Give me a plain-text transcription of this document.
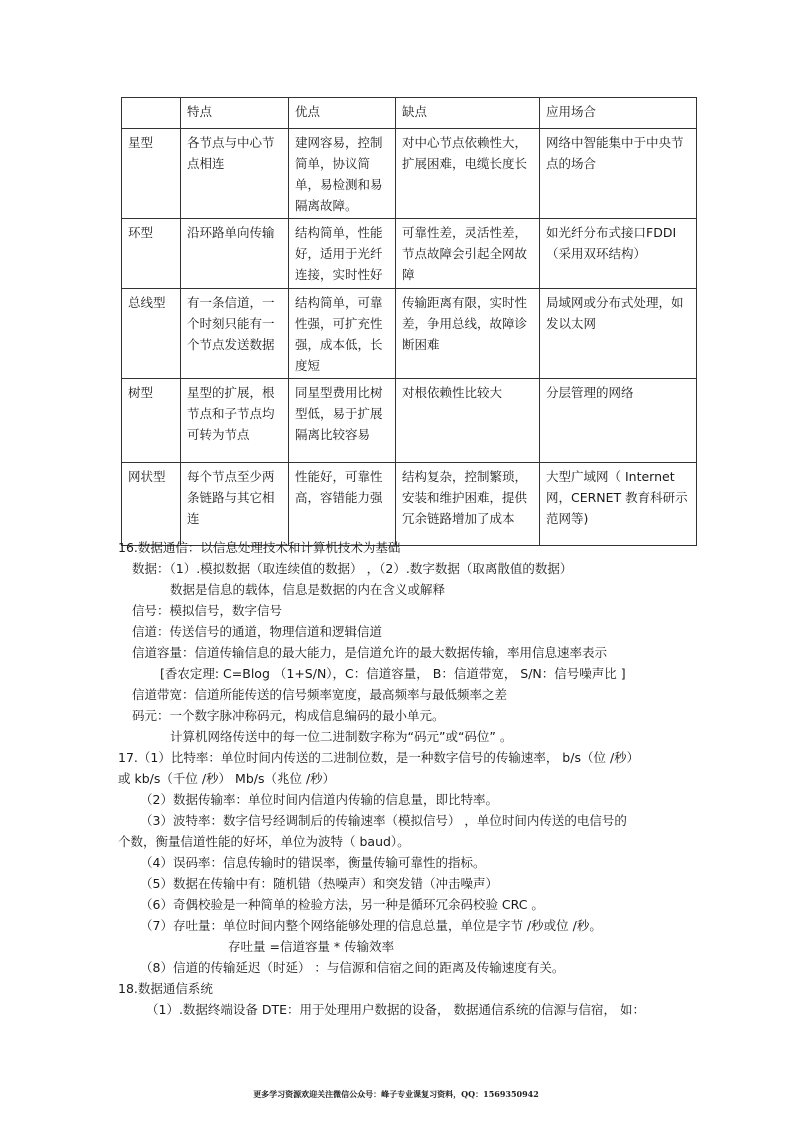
	特点	优点	缺点	应用场合
星型	各节点与中心节点相连	建网容易，控制简单，协议简单，易检测和易隔离故障。	对中心节点依赖性大，扩展困难，电缆长度长	网络中智能集中于中央节点的场合
环型	沿环路单向传输	结构简单，性能好，适用于光纤连接，实时性好	可靠性差，灵活性差，节点故障会引起全网故障	如光纤分布式接口FDDI（采用双环结构）
总线型	有一条信道，一个时刻只能有一个节点发送数据	结构简单，可靠性强，可扩充性强，成本低，长度短	传输距离有限，实时性差，争用总线，故障诊断困难	局域网或分布式处理，如发以太网
树型	星型的扩展，根节点和子节点均可转为节点	同星型费用比树型低，易于扩展隔离比较容易	对根依赖性比较大	分层管理的网络
网状型	每个节点至少两条链路与其它相连	性能好，可靠性高，容错能力强	结构复杂，控制繁琐，安装和维护困难，提供冗余链路增加了成本	大型广域网（ Internet 网，CERNET 教育科研示范网等)
16.数据通信：以信息处理技术和计算机技术为基础
数据：（1）.模拟数据（取连续值的数据） ，（2）.数字数据（取离散值的数据）
数据是信息的载体，信息是数据的内在含义或解释
信号：模拟信号，数字信号
信道：传送信号的通道，物理信道和逻辑信道
信道容量：信道传输信息的最大能力，是信道允许的最大数据传输，率用信息速率表示
[香农定理: C=Blog （1+S/N），C：信道容量， B：信道带宽， S/N：信号噪声比 ]
信道带宽：信道所能传送的信号频率宽度，最高频率与最低频率之差
码元：一个数字脉冲称码元，构成信息编码的最小单元。
计算机网络传送中的每一位二进制数字称为“码元”或“码位” 。
17.（1）比特率：单位时间内传送的二进制位数，是一种数字信号的传输速率， b/s（位 /秒）
或 kb/s（千位 /秒） Mb/s（兆位 /秒）
（2）数据传输率：单位时间内信道内传输的信息量，即比特率。
（3）波特率：数字信号经调制后的传输速率（模拟信号） ，单位时间内传送的电信号的
个数，衡量信道性能的好坏，单位为波特（ baud）。
（4）误码率：信息传输时的错误率，衡量传输可靠性的指标。
（5）数据在传输中有：随机错（热噪声）和突发错（冲击噪声）
（6）奇偶校验是一种简单的检验方法，另一种是循环冗余码校验 CRC 。
（7）存吐量：单位时间内整个网络能够处理的信息总量，单位是字节 /秒或位 /秒。
存吐量 =信道容量 * 传输效率
（8）信道的传输延迟（时延） ：与信源和信宿之间的距离及传输速度有关。
18.数据通信系统
（1）.数据终端设备 DTE：用于处理用户数据的设备， 数据通信系统的信源与信宿， 如：
更多学习资源欢迎关注微信公众号：峰子专业课复习资料，QQ：1569350942
